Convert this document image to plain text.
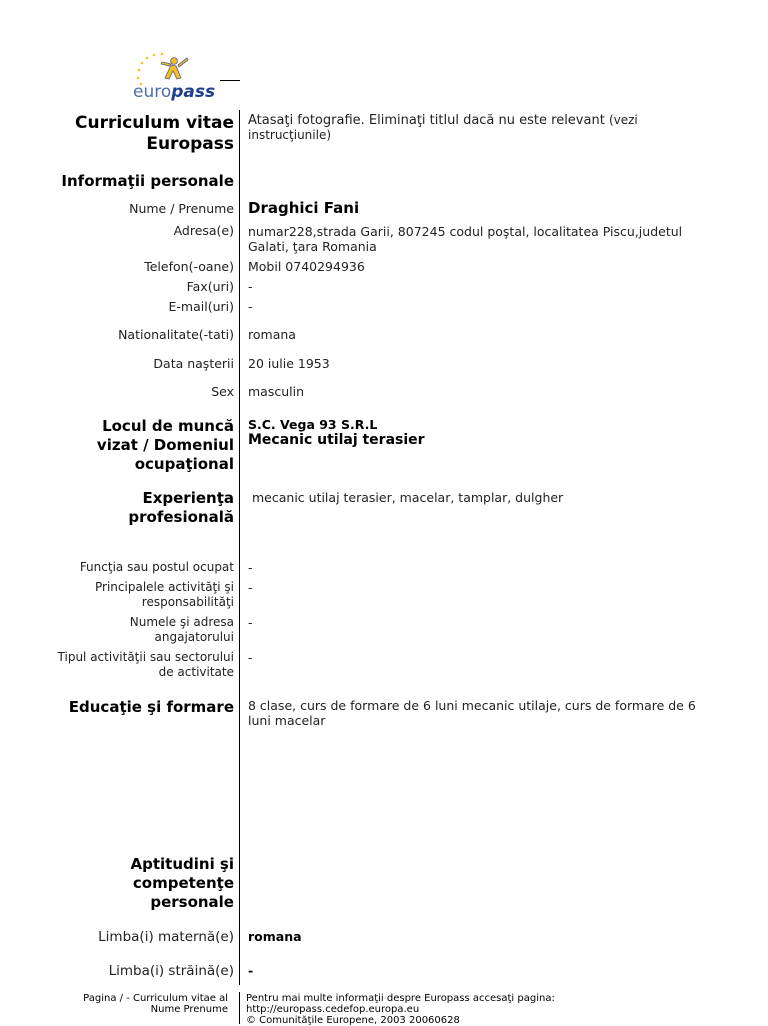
europass
Curriculum vitae
Europass
Atasaţi fotografie. Eliminaţi titlul dacă nu este relevant (vezi instrucţiunile)
Informaţii personale
Nume / Prenume Draghici Fani
Adresa(e) numar228,strada Garii, 807245 codul poştal, localitatea Piscu,judetul Galati, ţara Romania
Telefon(-oane) Mobil 0740294936
Fax(uri) -
E-mail(uri) -
Nationalitate(-tati) romana
Data naşterii 20 iulie 1953
Sex masculin
Locul de muncă vizat / Domeniul ocupaţional
S.C. Vega 93 S.R.L
Mecanic utilaj terasier
Experienţa profesională
mecanic utilaj terasier, macelar, tamplar, dulgher
Funcţia sau postul ocupat -
Principalele activităţi şi responsabilităţi
-
Numele şi adresa angajatorului
-
Tipul activităţii sau sectorului de activitate
-
Educaţie şi formare 8 clase, curs de formare de 6 luni mecanic utilaje, curs de formare de 6 luni macelar
Aptitudini şi competenţe personale
Limba(i) maternă(e) romana
Limba(i) străină(e) -
Pagina / - Curriculum vitae al
Nume Prenume
Pentru mai multe informaţii despre Europass accesaţi pagina:
http://europass.cedefop.europa.eu
© Comunităţile Europene, 2003 20060628
